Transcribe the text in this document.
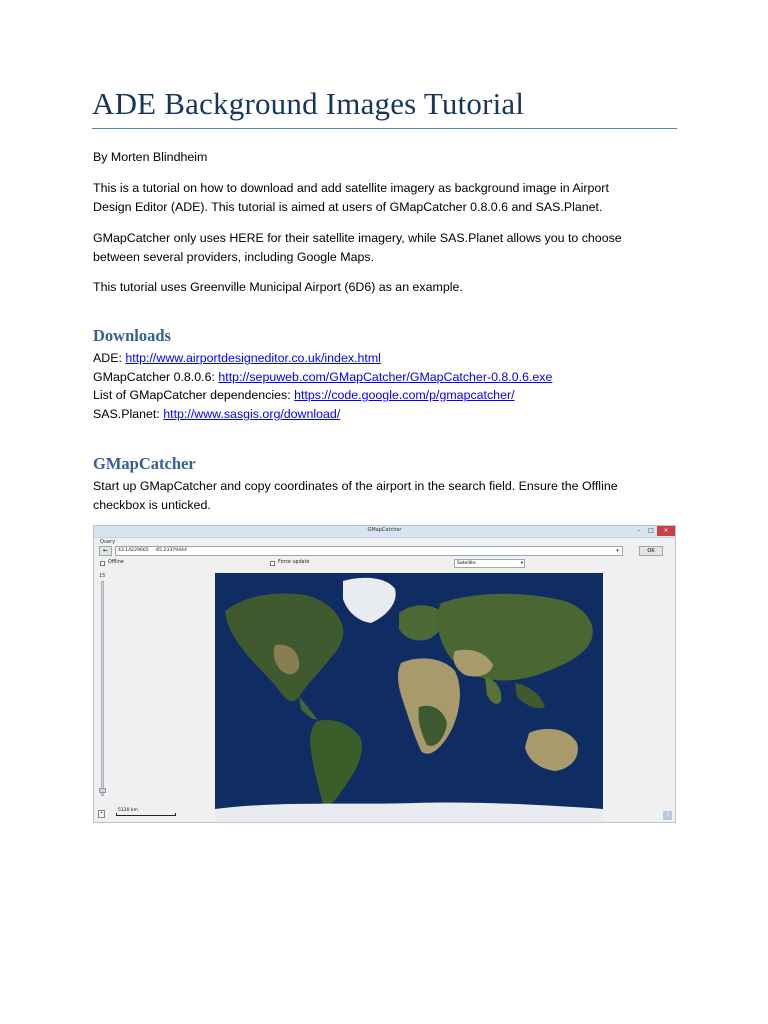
ADE Background Images Tutorial

By Morten Blindheim

This is a tutorial on how to download and add satellite imagery as background image in Airport
Design Editor (ADE). This tutorial is aimed at users of GMapCatcher 0.8.0.6 and SAS.Planet.

GMapCatcher only uses HERE for their satellite imagery, while SAS.Planet allows you to choose
between several providers, including Google Maps.

This tutorial uses Greenville Municipal Airport (6D6) as an example.

Downloads
ADE: http://www.airportdesigneditor.co.uk/index.html
GMapCatcher 0.8.0.6: http://sepuweb.com/GMapCatcher/GMapCatcher-0.8.0.6.exe
List of GMapCatcher dependencies: https://code.google.com/p/gmapcatcher/
SAS.Planet: http://www.sasgis.org/download/
GMapCatcher

Start up GMapCatcher and copy coordinates of the airport in the search field. Ensure the Offline
checkbox is unticked.

GMapCatcher	–	□	×
Query
←	43.14229665    -85.23379444	▾	OK
Offline	Force update	Satellite	▾
15
•
5120 km
?
